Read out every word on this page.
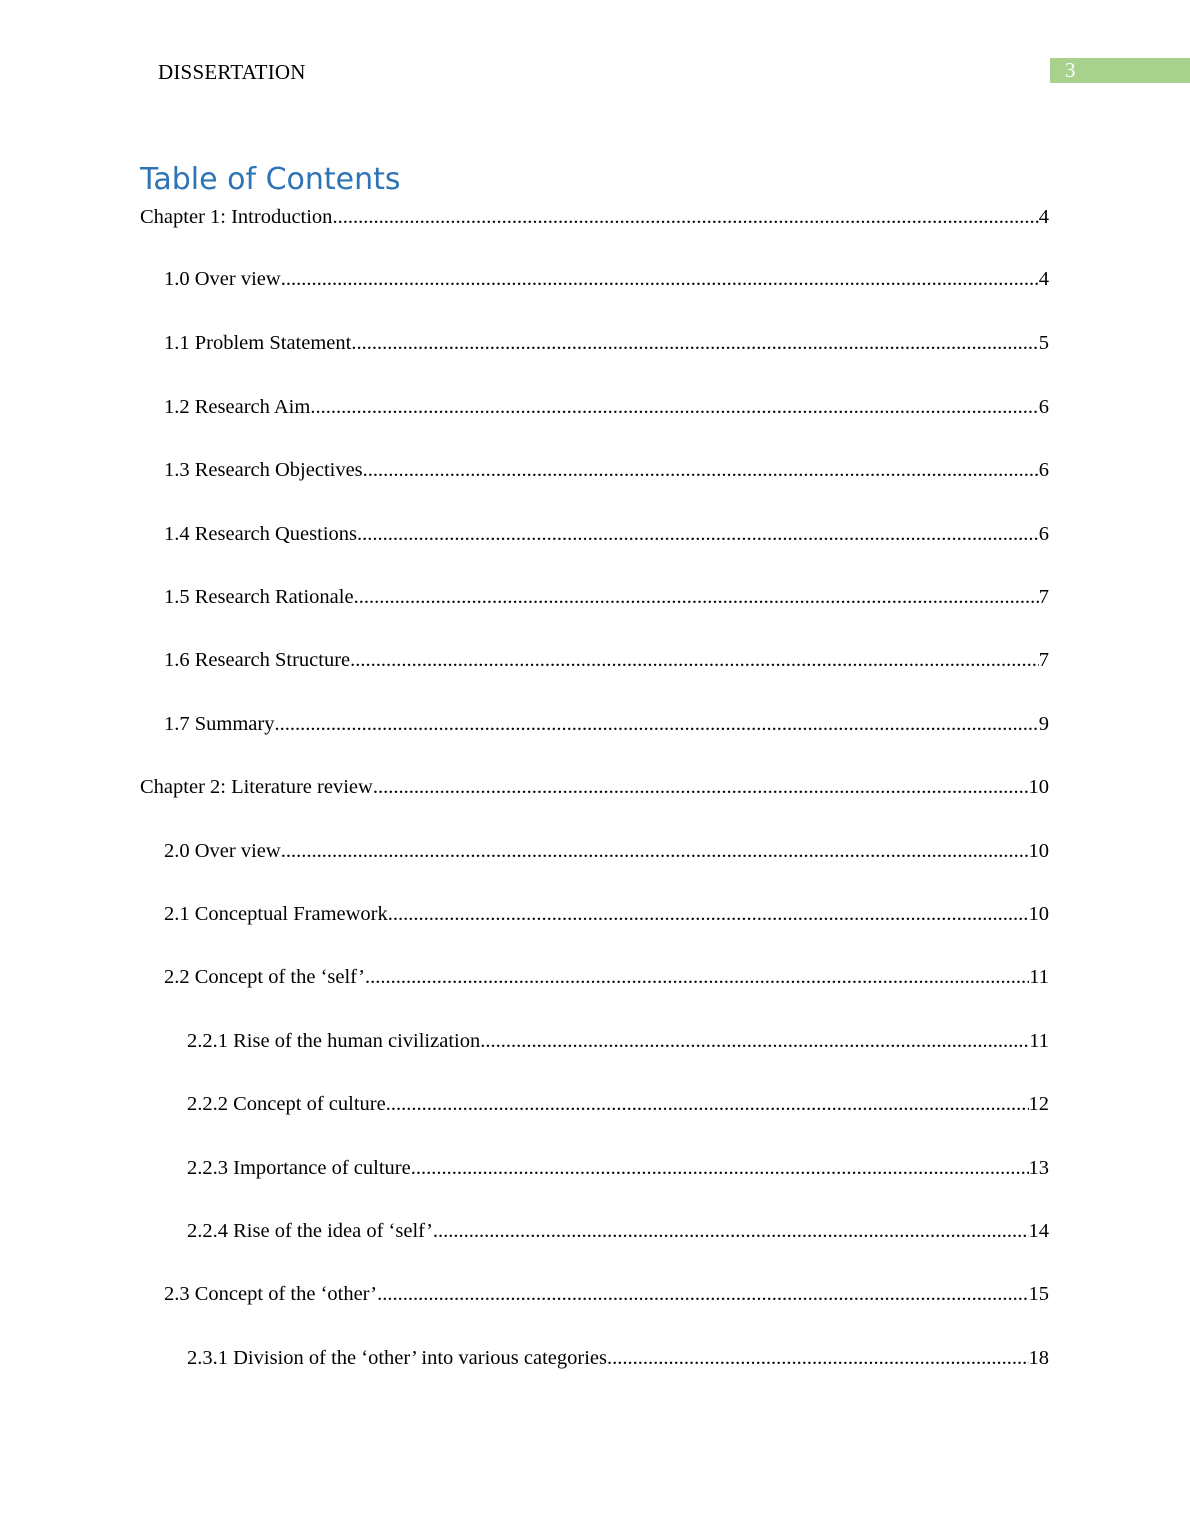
DISSERTATION	3
Table of Contents
Chapter 1: Introduction .....	4
1.0 Over view .....	4
1.1 Problem Statement .....	5
1.2 Research Aim .....	6
1.3 Research Objectives .....	6
1.4 Research Questions .....	6
1.5 Research Rationale .....	7
1.6 Research Structure .....	7
1.7 Summary .....	9
Chapter 2: Literature review .....	10
2.0 Over view .....	10
2.1 Conceptual Framework .....	10
2.2 Concept of the ‘self’ .....	11
2.2.1 Rise of the human civilization .....	11
2.2.2 Concept of culture .....	12
2.2.3 Importance of culture .....	13
2.2.4 Rise of the idea of ‘self’ .....	14
2.3 Concept of the ‘other’ .....	15
2.3.1 Division of the ‘other’ into various categories .....	18
